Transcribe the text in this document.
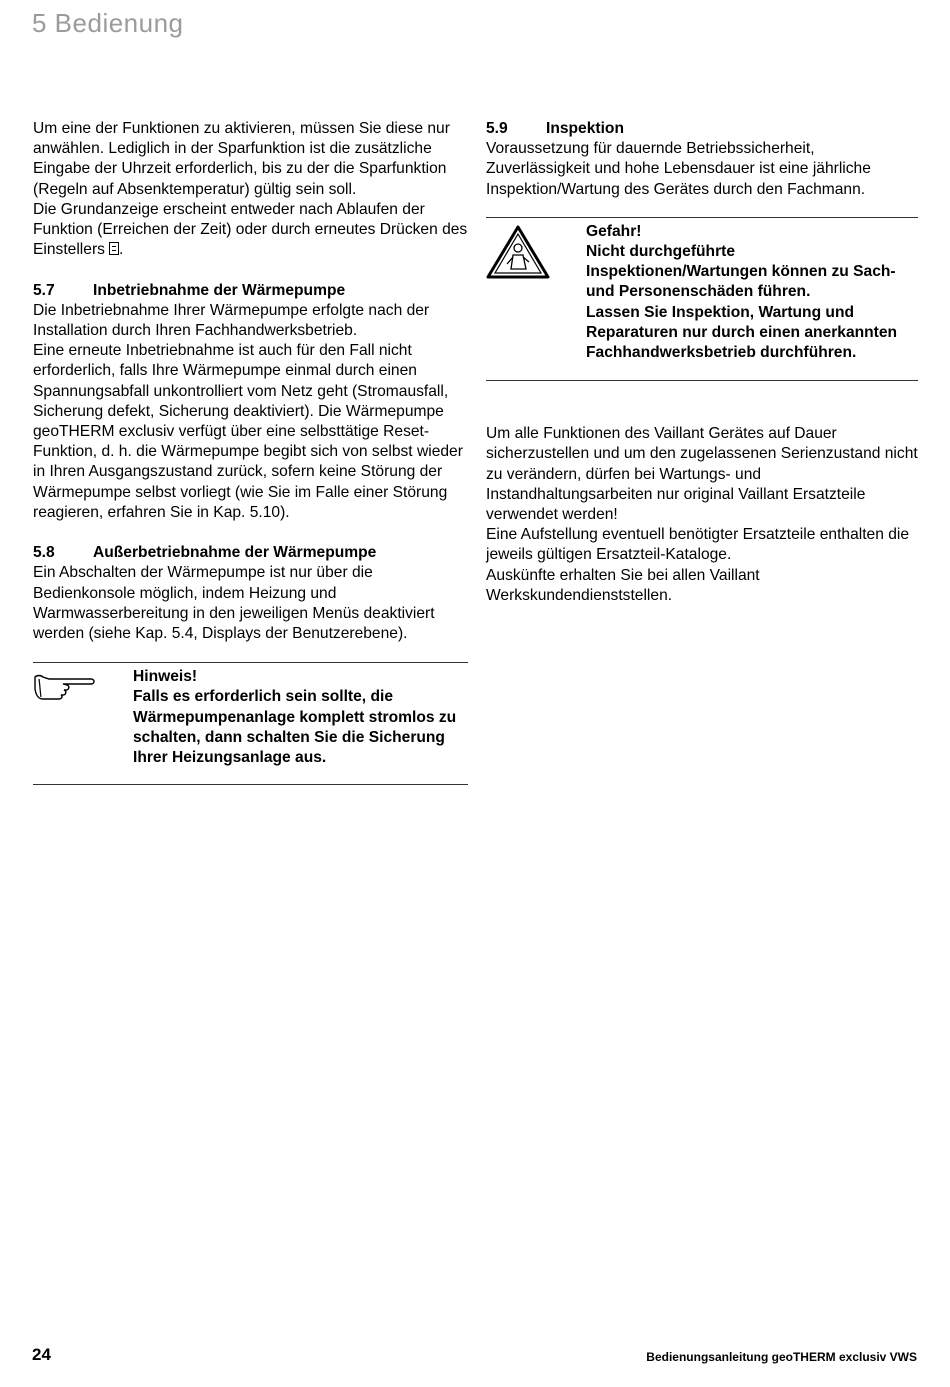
5 Bedienung

Um eine der Funktionen zu aktivieren, müssen Sie diese nur anwählen. Lediglich in der Sparfunktion ist die zusätzliche Eingabe der Uhrzeit erforderlich, bis zu der die Sparfunktion (Regeln auf Absenktemperatur) gültig sein soll.

Die Grundanzeige erscheint entweder nach Ablaufen der Funktion (Erreichen der Zeit) oder durch erneutes Drücken des Einstellers .

5.7 Inbetriebnahme der Wärmepumpe

Die Inbetriebnahme Ihrer Wärmepumpe erfolgte nach der Installation durch Ihren Fachhandwerksbetrieb.

Eine erneute Inbetriebnahme ist auch für den Fall nicht erforderlich, falls Ihre Wärmepumpe einmal durch einen Spannungsabfall unkontrolliert vom Netz geht (Stromausfall, Sicherung defekt, Sicherung deaktiviert). Die Wärmepumpe geoTHERM exclusiv verfügt über eine selbsttätige Reset-Funktion, d. h. die Wärmepumpe begibt sich von selbst wieder in Ihren Ausgangszustand zurück, sofern keine Störung der Wärmepumpe selbst vorliegt (wie Sie im Falle einer Störung reagieren, erfahren Sie in Kap. 5.10).

5.8 Außerbetriebnahme der Wärmepumpe

Ein Abschalten der Wärmepumpe ist nur über die Bedienkonsole möglich, indem Heizung und Warmwasserbereitung in den jeweiligen Menüs deaktiviert werden (siehe Kap. 5.4, Displays der Benutzerebene).

Hinweis!
Falls es erforderlich sein sollte, die Wärmepumpenanlage komplett stromlos zu schalten, dann schalten Sie die Sicherung Ihrer Heizungsanlage aus.
5.9 Inspektion

Voraussetzung für dauernde Betriebssicherheit, Zuverlässigkeit und hohe Lebensdauer ist eine jährliche Inspektion/Wartung des Gerätes durch den Fachmann.

Gefahr!
Nicht durchgeführte Inspektionen/Wartungen können zu Sach- und Personenschäden führen.
Lassen Sie Inspektion, Wartung und Reparaturen nur durch einen anerkannten Fachhandwerksbetrieb durchführen.

Um alle Funktionen des Vaillant Gerätes auf Dauer sicherzustellen und um den zugelassenen Serienzustand nicht zu verändern, dürfen bei Wartungs- und Instandhaltungsarbeiten nur original Vaillant Ersatzteile verwendet werden!

Eine Aufstellung eventuell benötigter Ersatzteile enthalten die jeweils gültigen Ersatzteil-Kataloge.

Auskünfte erhalten Sie bei allen Vaillant Werkskundendienststellen.

24	Bedienungsanleitung geoTHERM exclusiv VWS
